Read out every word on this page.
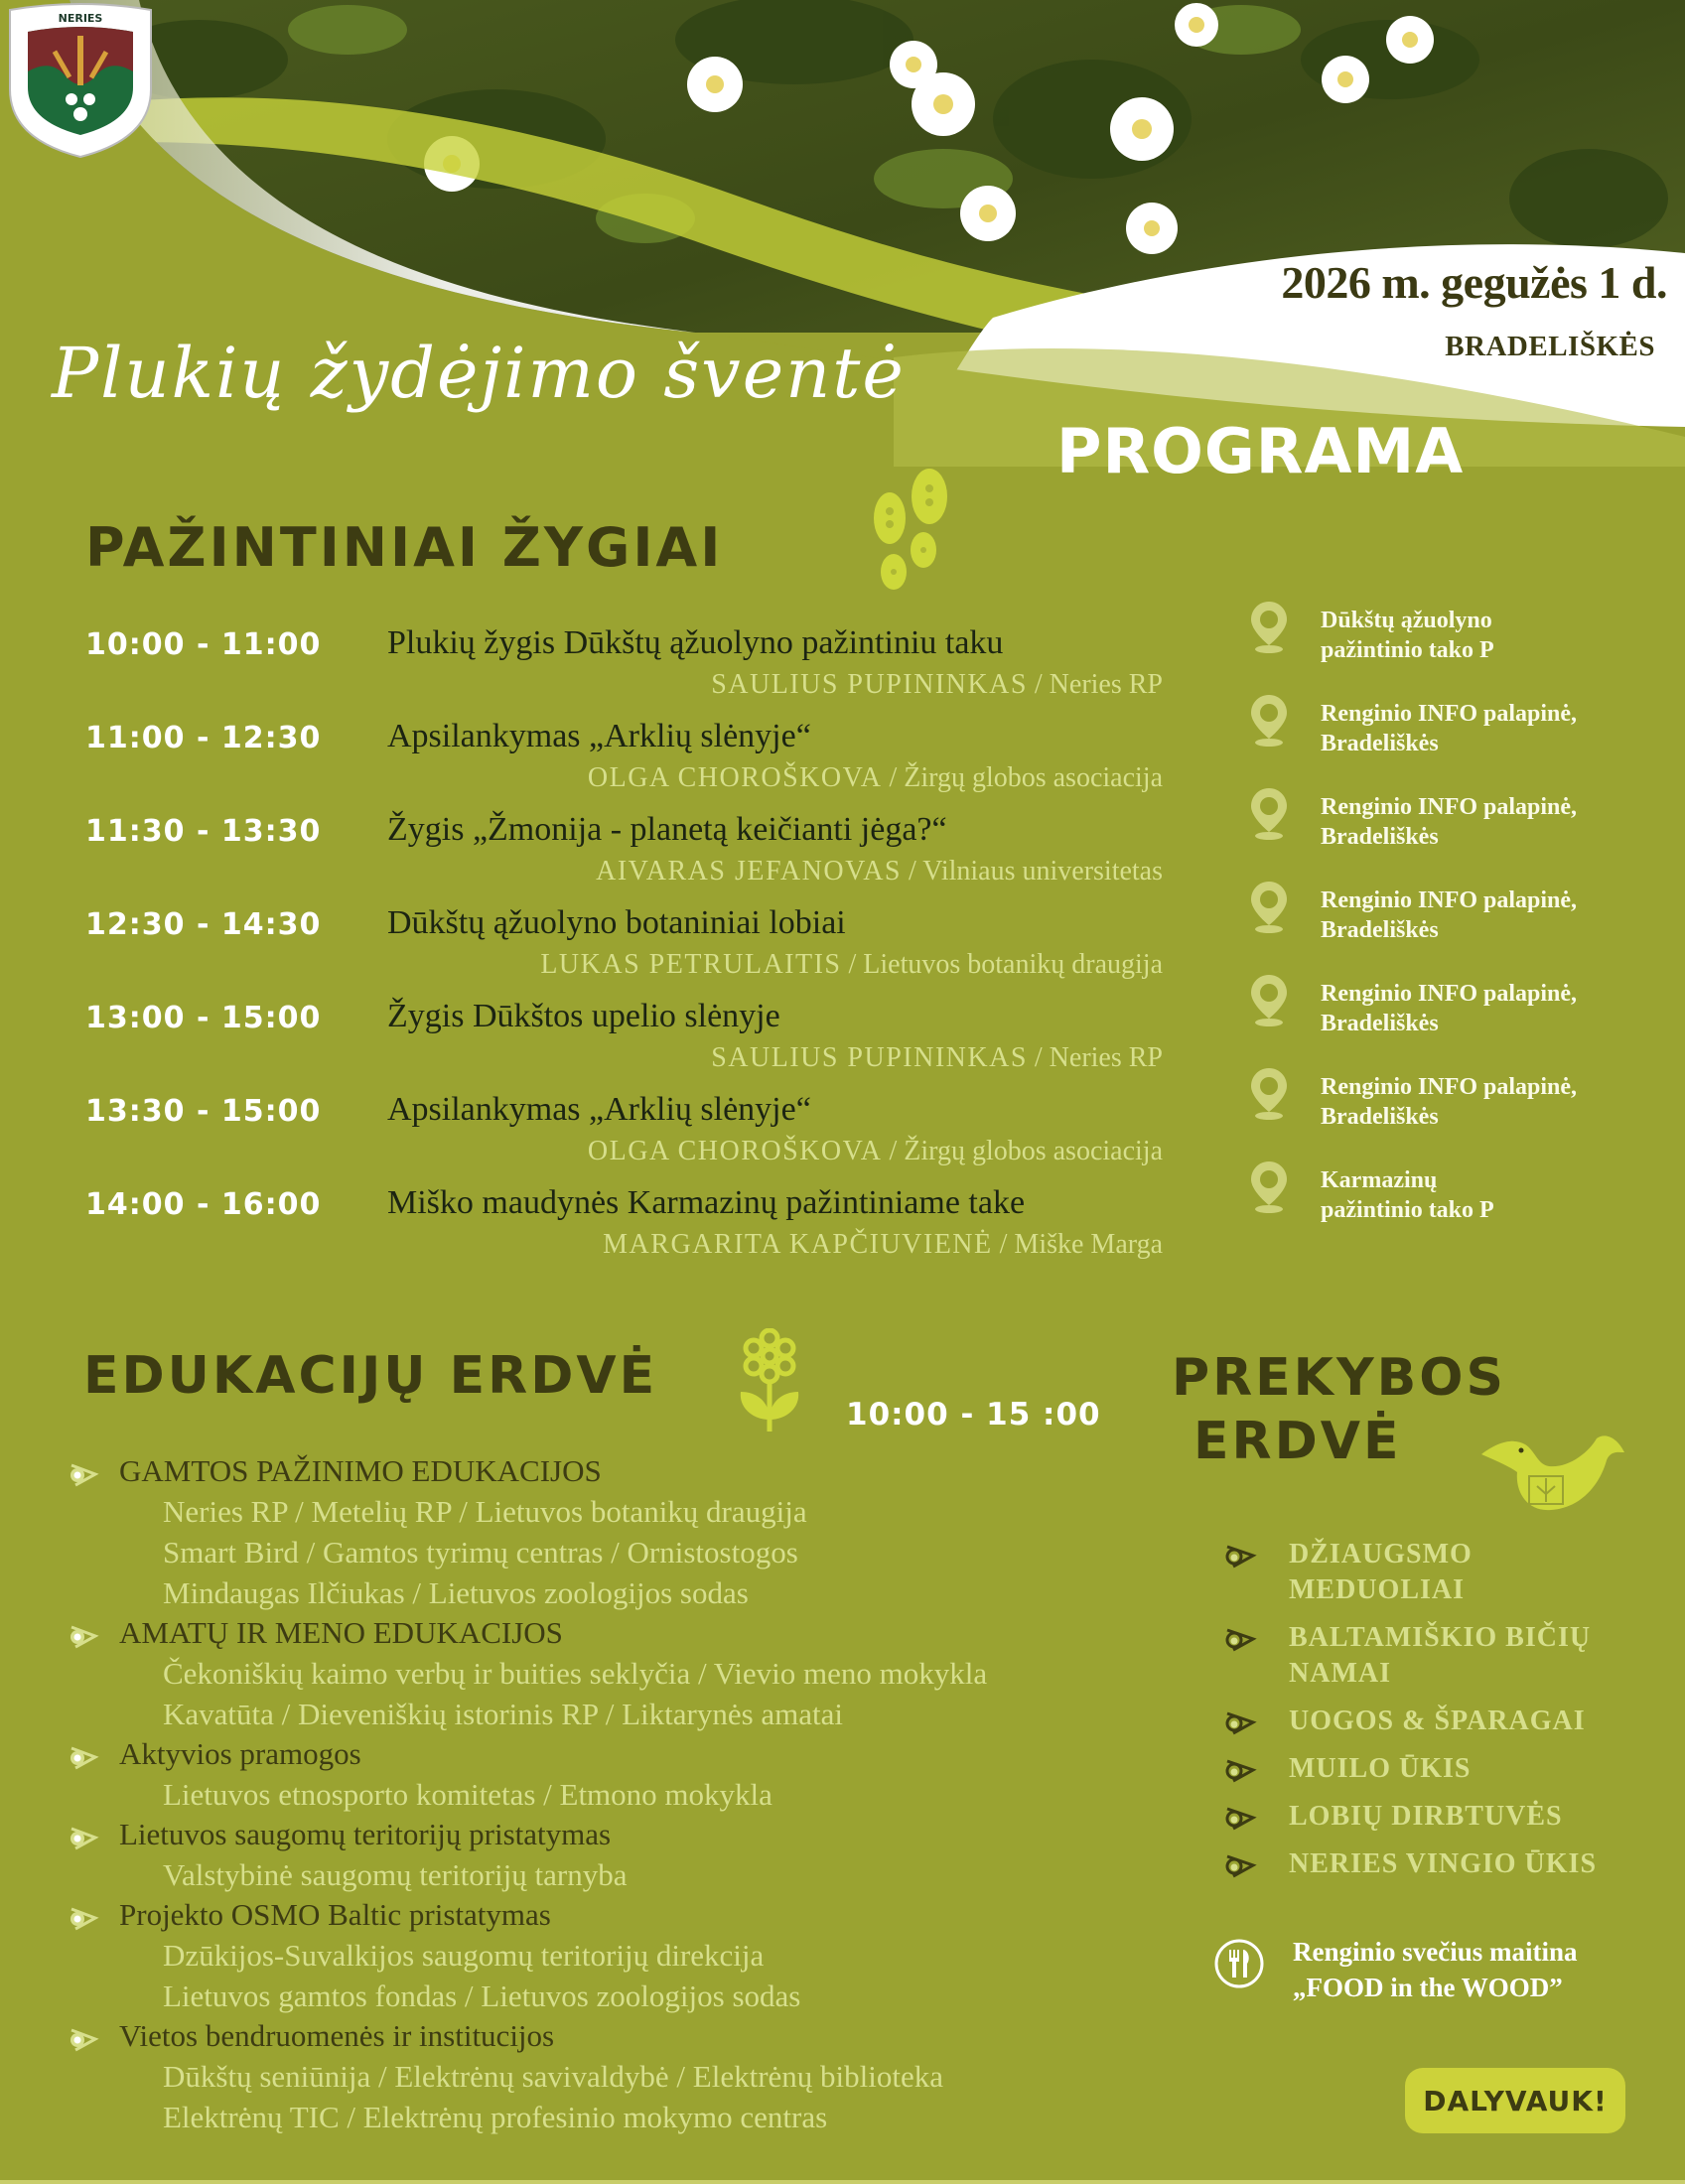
NERIES
2026 m. gegužės 1 d.
BRADELIŠKĖS
Plukių žydėjimo šventė
PROGRAMA
PAŽINTINIAI ŽYGIAI
10:00 - 11:00 Plukių žygis Dūkštų ąžuolyno pažintiniu taku
SAULIUS PUPININKAS / Neries RP
11:00 - 12:30 Apsilankymas „Arklių slėnyje“
OLGA CHOROŠKOVA / Žirgų globos asociacija
11:30 - 13:30 Žygis „Žmonija - planetą keičianti jėga?“
AIVARAS JEFANOVAS / Vilniaus universitetas
12:30 - 14:30 Dūkštų ąžuolyno botaniniai lobiai
LUKAS PETRULAITIS / Lietuvos botanikų draugija
13:00 - 15:00 Žygis Dūkštos upelio slėnyje
SAULIUS PUPININKAS / Neries RP
13:30 - 15:00 Apsilankymas „Arklių slėnyje“
OLGA CHOROŠKOVA / Žirgų globos asociacija
14:00 - 16:00 Miško maudynės Karmazinų pažintiniame take
MARGARITA KAPČIUVIENĖ / Miške Marga
Dūkštų ąžuolyno
pažintinio tako P
Renginio INFO palapinė,
Bradeliškės
Renginio INFO palapinė,
Bradeliškės
Renginio INFO palapinė,
Bradeliškės
Renginio INFO palapinė,
Bradeliškės
Renginio INFO palapinė,
Bradeliškės
Karmazinų
pažintinio tako P
EDUKACIJŲ ERDVĖ
10:00 - 15 :00
GAMTOS PAŽINIMO EDUKACIJOS
Neries RP / Metelių RP / Lietuvos botanikų draugija
Smart Bird / Gamtos tyrimų centras / Ornistostogos
Mindaugas Ilčiukas / Lietuvos zoologijos sodas
AMATŲ IR MENO EDUKACIJOS
Čekoniškių kaimo verbų ir buities seklyčia / Vievio meno mokykla
Kavatūta / Dieveniškių istorinis RP / Liktarynės amatai
Aktyvios pramogos
Lietuvos etnosporto komitetas / Etmono mokykla
Lietuvos saugomų teritorijų pristatymas
Valstybinė saugomų teritorijų tarnyba
Projekto OSMO Baltic pristatymas
Dzūkijos-Suvalkijos saugomų teritorijų direkcija
Lietuvos gamtos fondas / Lietuvos zoologijos sodas
Vietos bendruomenės ir institucijos
Dūkštų seniūnija / Elektrėnų savivaldybė / Elektrėnų biblioteka
Elektrėnų TIC / Elektrėnų profesinio mokymo centras
PREKYBOS
ERDVĖ
DŽIAUGSMO
MEDUOLIAI
BALTAMIŠKIO BIČIŲ
NAMAI
UOGOS & ŠPARAGAI
MUILO ŪKIS
LOBIŲ DIRBTUVĖS
NERIES VINGIO ŪKIS
Renginio svečius maitina
„FOOD in the WOOD”
DALYVAUK!
